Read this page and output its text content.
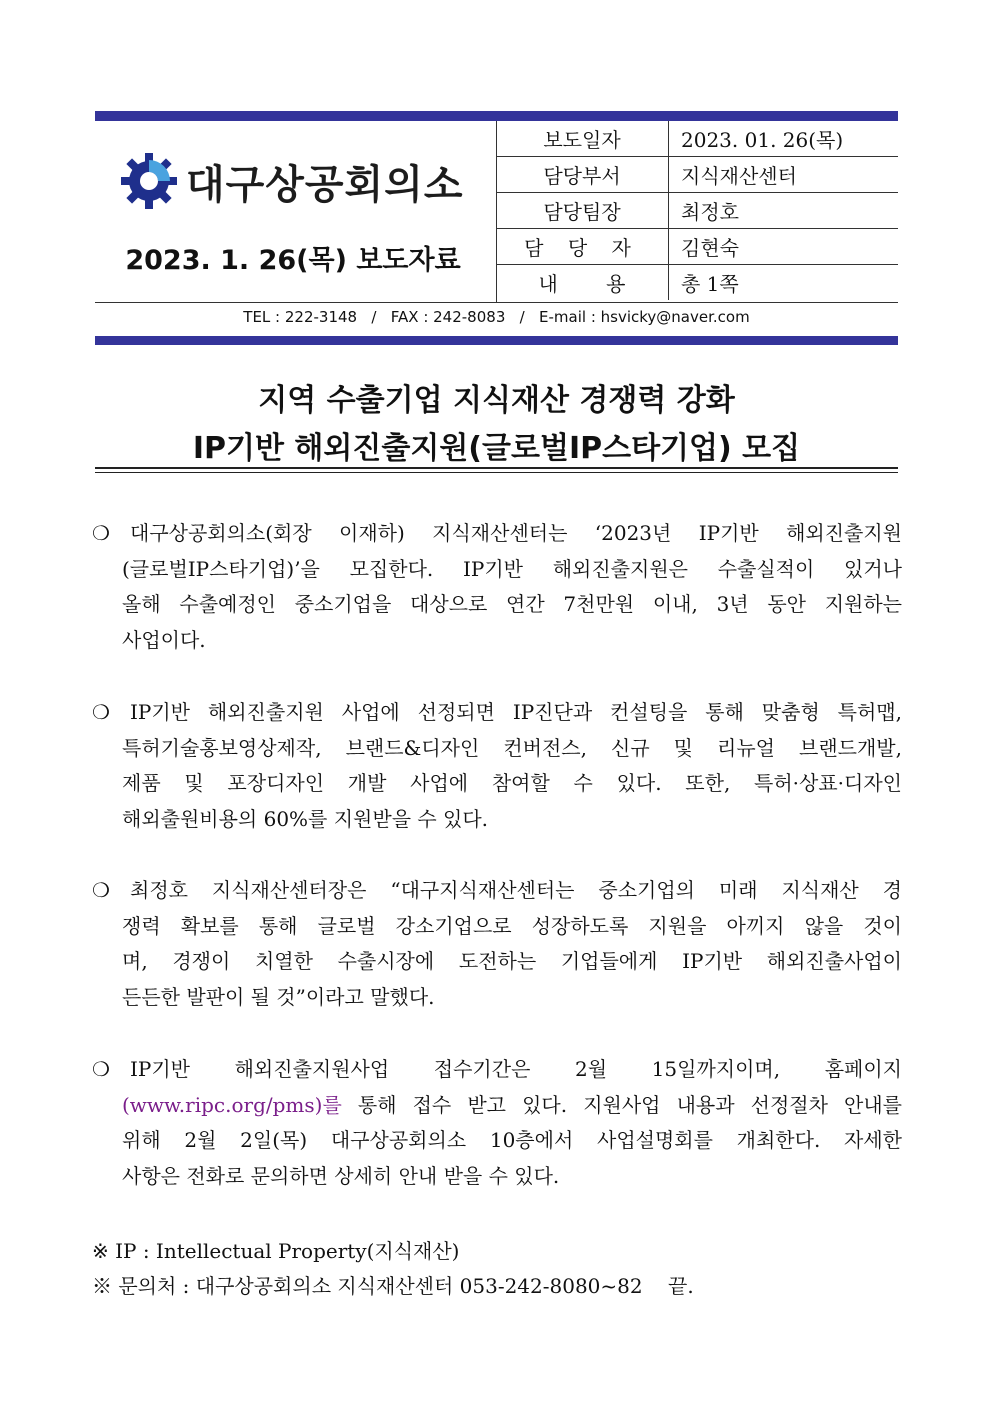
대구상공회의소
2023. 1. 26(목) 보도자료
보도일자	2023. 01. 26(목)
담당부서	지식재산센터
담당팀장	최정호
담 당 자	김현숙
내 용	총 1쪽
TEL : 222-3148   /   FAX : 242-8083   /   E-mail : hsvicky@naver.com
지역 수출기업 지식재산 경쟁력 강화
IP기반 해외진출지원(글로벌IP스타기업) 모집
❍ 대구상공회의소(회장 이재하) 지식재산센터는 ‘2023년 IP기반 해외진출지원
(글로벌IP스타기업)’을 모집한다. IP기반 해외진출지원은 수출실적이 있거나
올해 수출예정인 중소기업을 대상으로 연간 7천만원 이내, 3년 동안 지원하는
사업이다.
❍ IP기반 해외진출지원 사업에 선정되면 IP진단과 컨설팅을 통해 맞춤형 특허맵,
특허기술홍보영상제작, 브랜드&디자인 컨버전스, 신규 및 리뉴얼 브랜드개발,
제품 및 포장디자인 개발 사업에 참여할 수 있다. 또한, 특허·상표·디자인
해외출원비용의 60%를 지원받을 수 있다.
❍ 최정호 지식재산센터장은 “대구지식재산센터는 중소기업의 미래 지식재산 경
쟁력 확보를 통해 글로벌 강소기업으로 성장하도록 지원을 아끼지 않을 것이
며, 경쟁이 치열한 수출시장에 도전하는 기업들에게 IP기반 해외진출사업이
든든한 발판이 될 것”이라고 말했다.
❍ IP기반 해외진출지원사업 접수기간은 2월 15일까지이며, 홈페이지
(www.ripc.org/pms)를 통해 접수 받고 있다. 지원사업 내용과 선정절차 안내를
위해 2월 2일(목) 대구상공회의소 10층에서 사업설명회를 개최한다. 자세한
사항은 전화로 문의하면 상세히 안내 받을 수 있다.
※ IP : Intellectual Property(지식재산)
※ 문의처 : 대구상공회의소 지식재산센터 053-242-8080~82    끝.
